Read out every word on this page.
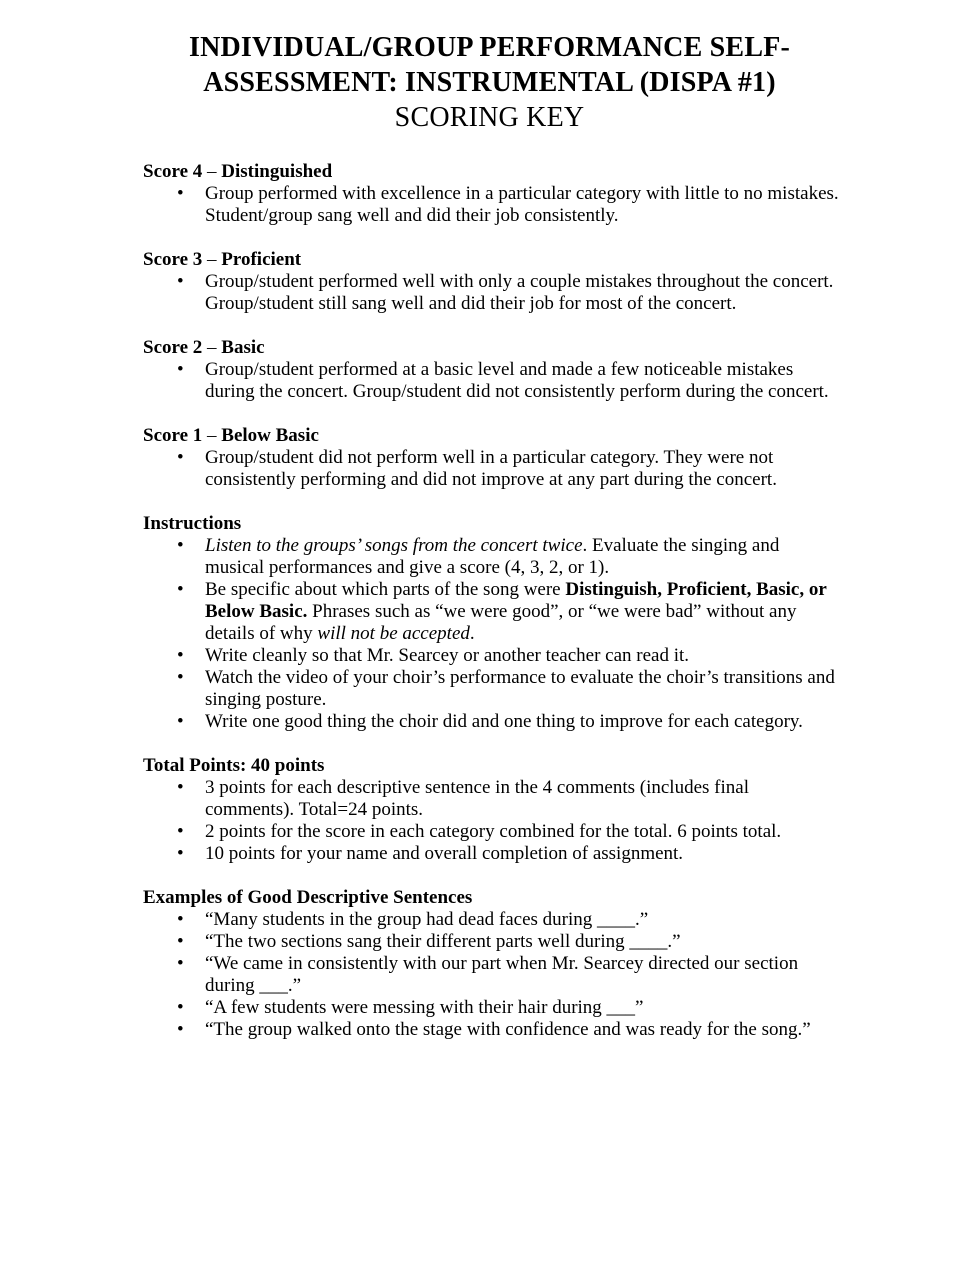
INDIVIDUAL/GROUP PERFORMANCE SELF-
ASSESSMENT: INSTRUMENTAL (DISPA #1)
SCORING KEY
Score 4 – Distinguished
• Group performed with excellence in a particular category with little to no mistakes. Student/group sang well and did their job consistently.
Score 3 – Proficient
• Group/student performed well with only a couple mistakes throughout the concert. Group/student still sang well and did their job for most of the concert.
Score 2 – Basic
• Group/student performed at a basic level and made a few noticeable mistakes during the concert. Group/student did not consistently perform during the concert.
Score 1 – Below Basic
• Group/student did not perform well in a particular category. They were not consistently performing and did not improve at any part during the concert.
Instructions
• Listen to the groups’ songs from the concert twice. Evaluate the singing and musical performances and give a score (4, 3, 2, or 1).
• Be specific about which parts of the song were Distinguish, Proficient, Basic, or Below Basic. Phrases such as “we were good”, or “we were bad” without any details of why will not be accepted.
• Write cleanly so that Mr. Searcey or another teacher can read it.
• Watch the video of your choir’s performance to evaluate the choir’s transitions and singing posture.
• Write one good thing the choir did and one thing to improve for each category.
Total Points: 40 points
• 3 points for each descriptive sentence in the 4 comments (includes final comments). Total=24 points.
• 2 points for the score in each category combined for the total. 6 points total.
• 10 points for your name and overall completion of assignment.
Examples of Good Descriptive Sentences
• “Many students in the group had dead faces during ____.”
• “The two sections sang their different parts well during ____.”
• “We came in consistently with our part when Mr. Searcey directed our section during ___.”
• “A few students were messing with their hair during ___”
• “The group walked onto the stage with confidence and was ready for the song.”
